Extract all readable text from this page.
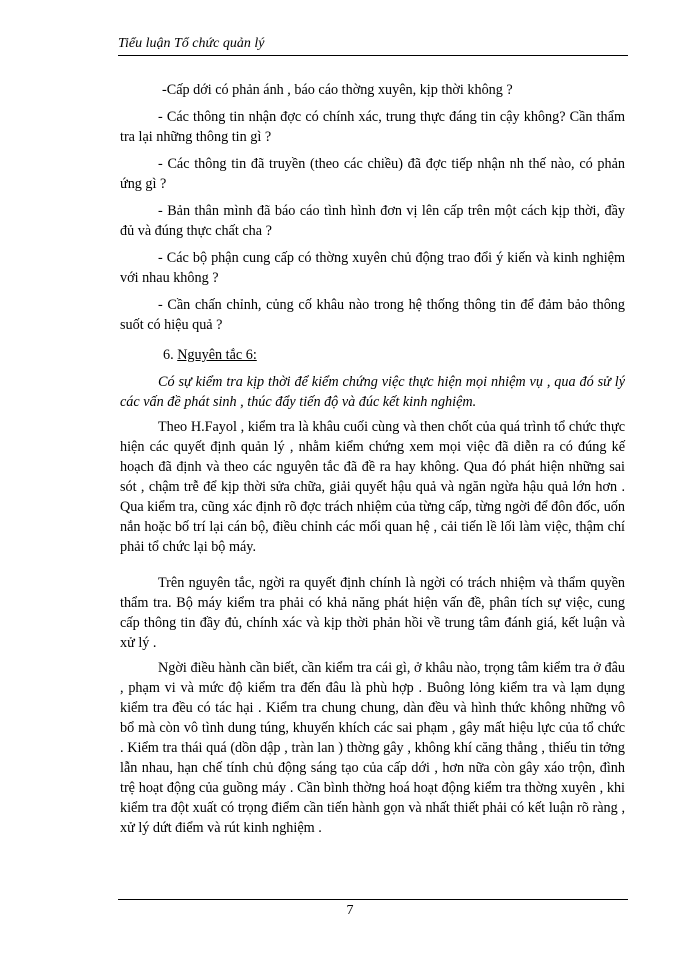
Tiểu luận Tổ chức quản lý
-Cấp dới có phản ánh , báo cáo thờng xuyên, kịp thời không ?
- Các thông tin nhận đợc có chính xác, trung thực đáng tin cậy không? Cần thẩm tra lại những thông tin gì ?
- Các thông tin đã truyền (theo các chiều) đã đợc tiếp nhận nh thế nào, có phản ứng gì ?
- Bản thân mình đã báo cáo tình hình đơn vị lên cấp trên một cách kịp thời, đầy đủ và đúng thực chất cha ?
- Các bộ phận cung cấp có thờng xuyên chủ động trao đổi ý kiến và kinh nghiệm với nhau không ?
- Cần chấn chỉnh, củng cố khâu nào trong hệ thống thông tin để đảm bảo thông suốt có hiệu quả ?
6. Nguyên tắc 6:
Có sự kiểm tra kịp thời để kiểm chứng việc thực hiện mọi nhiệm vụ , qua đó sử lý các vấn đề phát sinh , thúc đẩy tiến độ và đúc kết kinh nghiệm.
Theo H.Fayol , kiểm tra là khâu cuối cùng và then chốt của quá trình tổ chức thực hiện các quyết định quản lý , nhằm kiểm chứng xem mọi việc đã diễn ra có đúng kế hoạch đã định và theo các nguyên tắc đã đề ra hay không. Qua đó phát hiện những sai sót , chậm trễ để kịp thời sửa chữa, giải quyết hậu quả và ngăn ngừa hậu quả lớn hơn . Qua kiểm tra, cũng xác định rõ đợc trách nhiệm của từng cấp, từng ngời để đôn đốc, uốn nắn hoặc bố trí lại cán bộ, điều chỉnh các mối quan hệ , cải tiến lề lối làm việc, thậm chí phải tổ chức lại bộ máy.
Trên nguyên tắc, ngời ra quyết định chính là ngời có trách nhiệm và thẩm quyền thẩm tra. Bộ máy kiểm tra phải có khả năng phát hiện vấn đề, phân tích sự việc, cung cấp thông tin đầy đủ, chính xác và kịp thời phản hồi về trung tâm đánh giá, kết luận và xử lý .
Ngời điều hành cần biết, cần kiểm tra cái gì, ở khâu nào, trọng tâm kiểm tra ở đâu , phạm vi và mức độ kiểm tra đến đâu là phù hợp . Buông lỏng kiểm tra và lạm dụng kiểm tra đều có tác hại . Kiểm tra chung chung, dàn đều và hình thức không những vô bổ mà còn vô tình dung túng, khuyến khích các sai phạm , gây mất hiệu lực của tổ chức . Kiểm tra thái quá (dồn dập , tràn lan ) thờng gây , không khí căng thẳng , thiếu tin tởng lẫn nhau, hạn chế tính chủ động sáng tạo của cấp dới , hơn nữa còn gây xáo trộn, đình trệ hoạt động của guồng máy . Cần bình thờng hoá hoạt động kiểm tra thờng xuyên , khi kiểm tra đột xuất có trọng điểm cần tiến hành gọn và nhất thiết phải có kết luận rõ ràng , xử lý dứt điểm và rút kinh nghiệm .
7
